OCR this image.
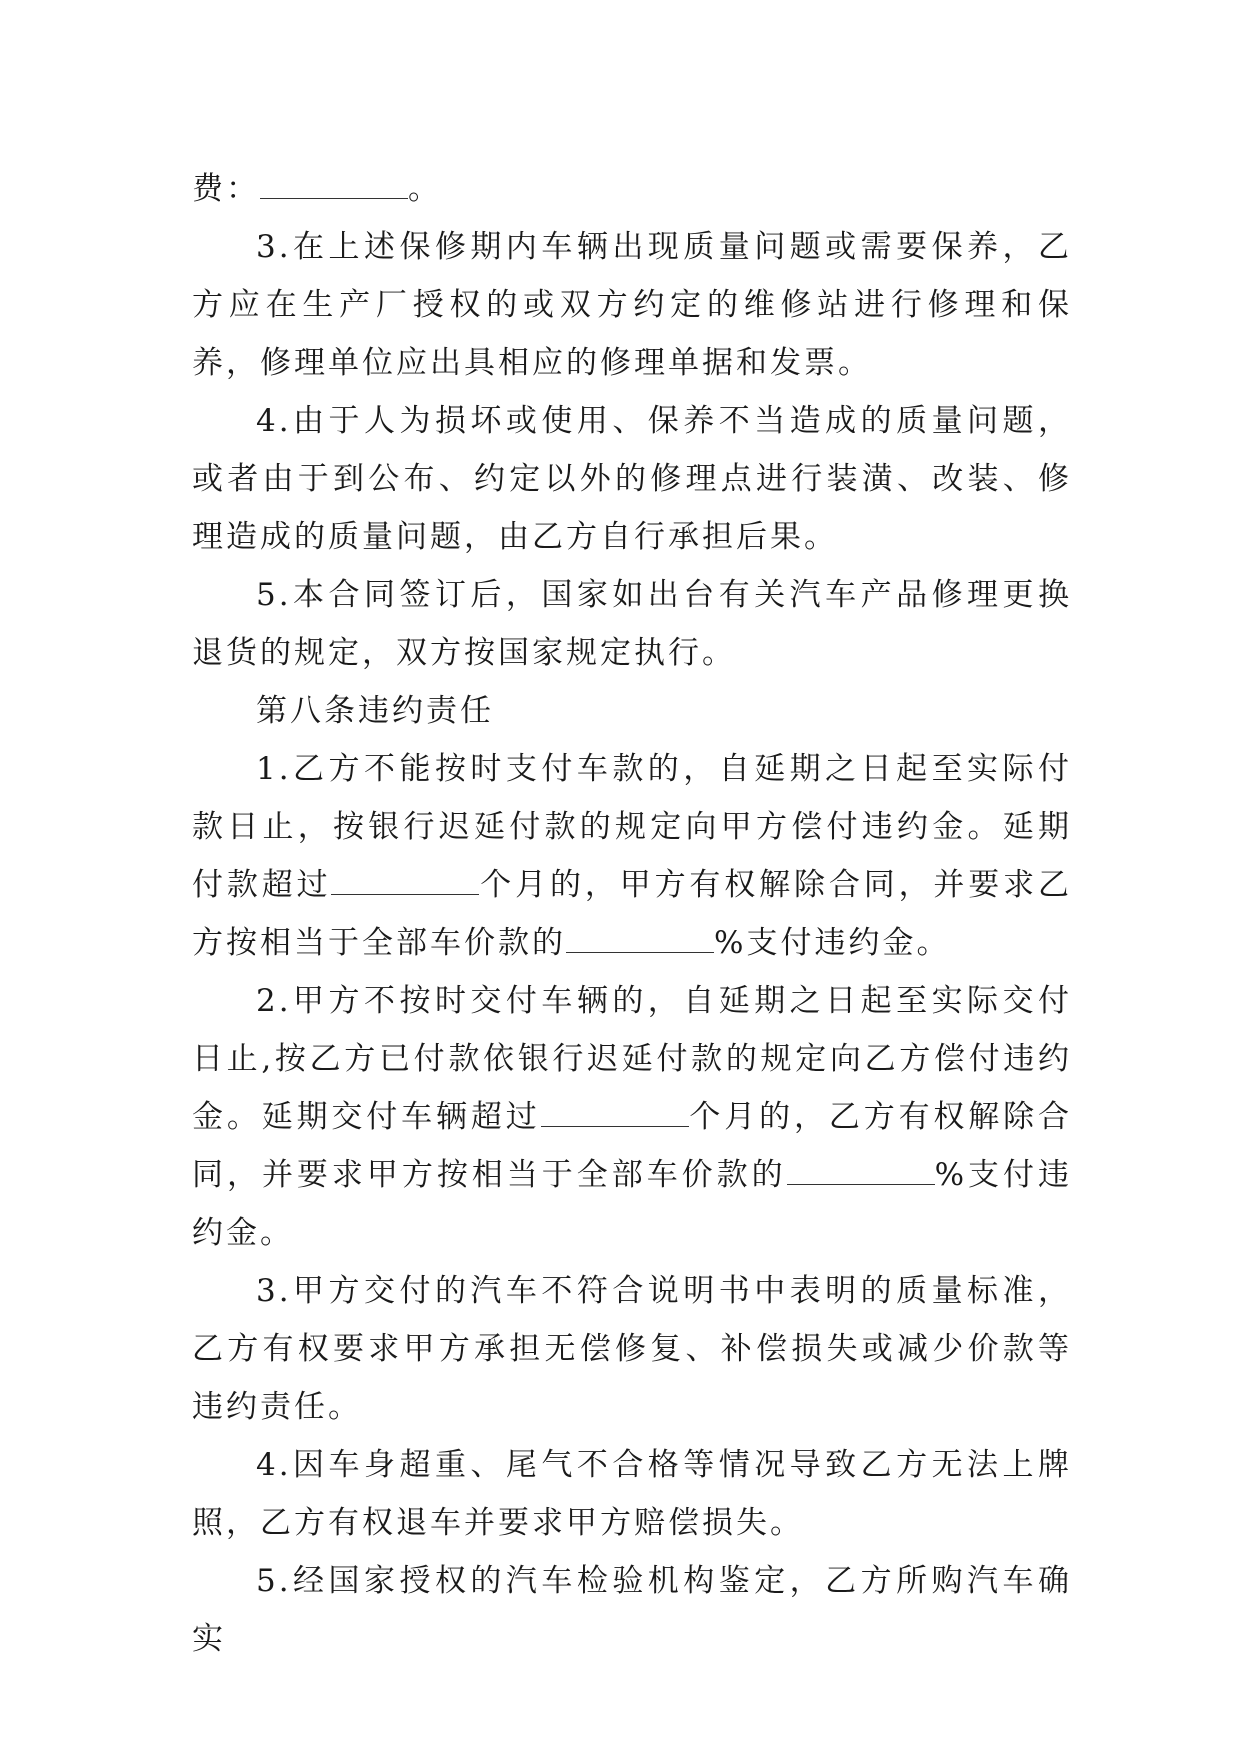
费：	。

3.在上述保修期内车辆出现质量问题或需要保养，乙方应在生产厂授权的或双方约定的维修站进行修理和保养，修理单位应出具相应的修理单据和发票。

4.由于人为损坏或使用、保养不当造成的质量问题，或者由于到公布、约定以外的修理点进行装潢、改装、修理造成的质量问题，由乙方自行承担后果。

5.本合同签订后，国家如出台有关汽车产品修理更换退货的规定，双方按国家规定执行。

第八条违约责任

1.乙方不能按时支付车款的，自延期之日起至实际付款日止，按银行迟延付款的规定向甲方偿付违约金。延期付款超过	个月的，甲方有权解除合同，并要求乙方按相当于全部车价款的	%支付违约金。

2.甲方不按时交付车辆的，自延期之日起至实际交付日止,按乙方已付款依银行迟延付款的规定向乙方偿付违约金。延期交付车辆超过	个月的，乙方有权解除合同，并要求甲方按相当于全部车价款的	%支付违约金。

3.甲方交付的汽车不符合说明书中表明的质量标准，乙方有权要求甲方承担无偿修复、补偿损失或减少价款等违约责任。

4.因车身超重、尾气不合格等情况导致乙方无法上牌照，乙方有权退车并要求甲方赔偿损失。

5.经国家授权的汽车检验机构鉴定，乙方所购汽车确实
